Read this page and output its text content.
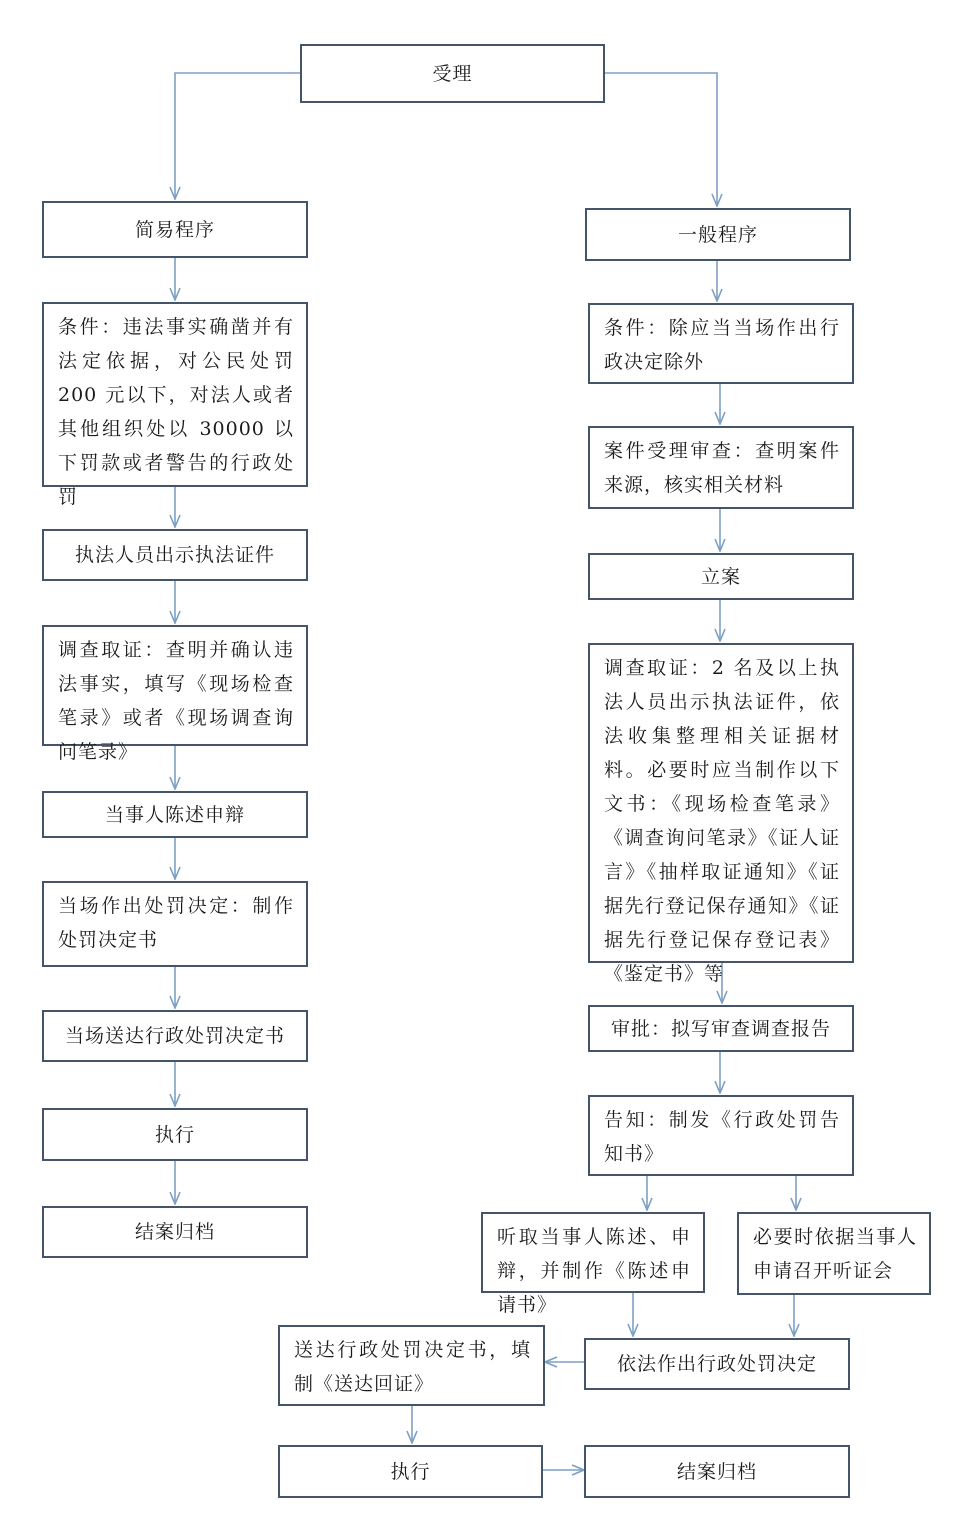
受理
简易程序
条件：违法事实确凿并有法定依据，对公民处罚 200 元以下，对法人或者其他组织处以 30000 以下罚款或者警告的行政处罚
执法人员出示执法证件
调查取证：查明并确认违法事实，填写《现场检查笔录》或者《现场调查询问笔录》
当事人陈述申辩
当场作出处罚决定：制作处罚决定书
当场送达行政处罚决定书
执行
结案归档
一般程序
条件：除应当当场作出行政决定除外
案件受理审查：查明案件来源，核实相关材料
立案
调查取证：2 名及以上执法人员出示执法证件，依法收集整理相关证据材料。必要时应当制作以下文书：《现场检查笔录》《调查询问笔录》《证人证言》《抽样取证通知》《证据先行登记保存通知》《证据先行登记保存登记表》《鉴定书》等
审批：拟写审查调查报告
告知：制发《行政处罚告知书》
听取当事人陈述、申辩，并制作《陈述申请书》
必要时依据当事人申请召开听证会
依法作出行政处罚决定
送达行政处罚决定书，填制《送达回证》
执行	结案归档
